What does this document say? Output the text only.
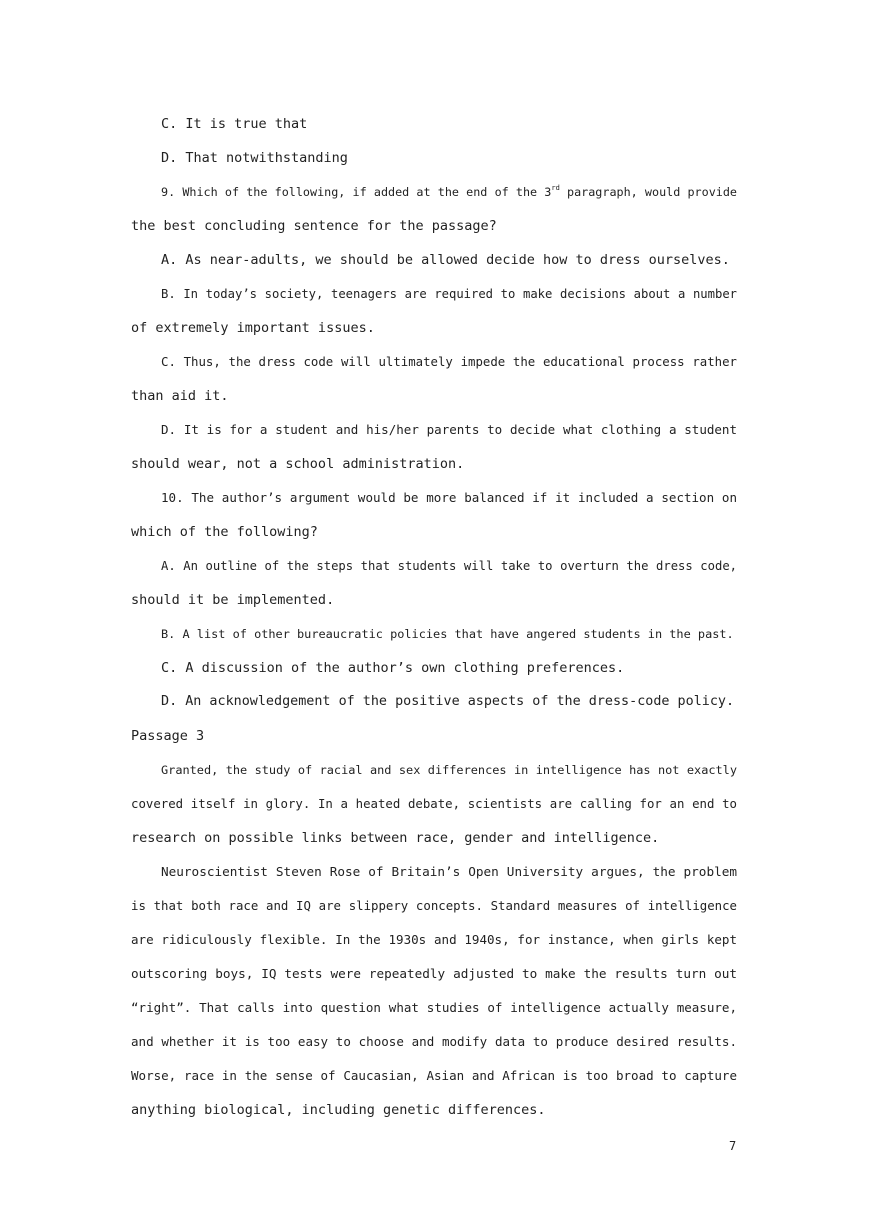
C. It is true that
D. That notwithstanding
9. Which of the following, if added at the end of the 3rd paragraph, would provide
the best concluding sentence for the passage?
A. As near-adults, we should be allowed decide how to dress ourselves.
B. In today’s society, teenagers are required to make decisions about a number
of extremely important issues.
C. Thus, the dress code will ultimately impede the educational process rather
than aid it.
D. It is for a student and his/her parents to decide what clothing a student
should wear, not a school administration.
10. The author’s argument would be more balanced if it included a section on
which of the following?
A. An outline of the steps that students will take to overturn the dress code,
should it be implemented.
B. A list of other bureaucratic policies that have angered students in the past.
C. A discussion of the author’s own clothing preferences.
D. An acknowledgement of the positive aspects of the dress-code policy.
Passage 3
Granted, the study of racial and sex differences in intelligence has not exactly
covered itself in glory. In a heated debate, scientists are calling for an end to
research on possible links between race, gender and intelligence.
Neuroscientist Steven Rose of Britain’s Open University argues, the problem
is that both race and IQ are slippery concepts. Standard measures of intelligence
are ridiculously flexible. In the 1930s and 1940s, for instance, when girls kept
outscoring boys, IQ tests were repeatedly adjusted to make the results turn out
“right”. That calls into question what studies of intelligence actually measure,
and whether it is too easy to choose and modify data to produce desired results.
Worse, race in the sense of Caucasian, Asian and African is too broad to capture
anything biological, including genetic differences.
7
